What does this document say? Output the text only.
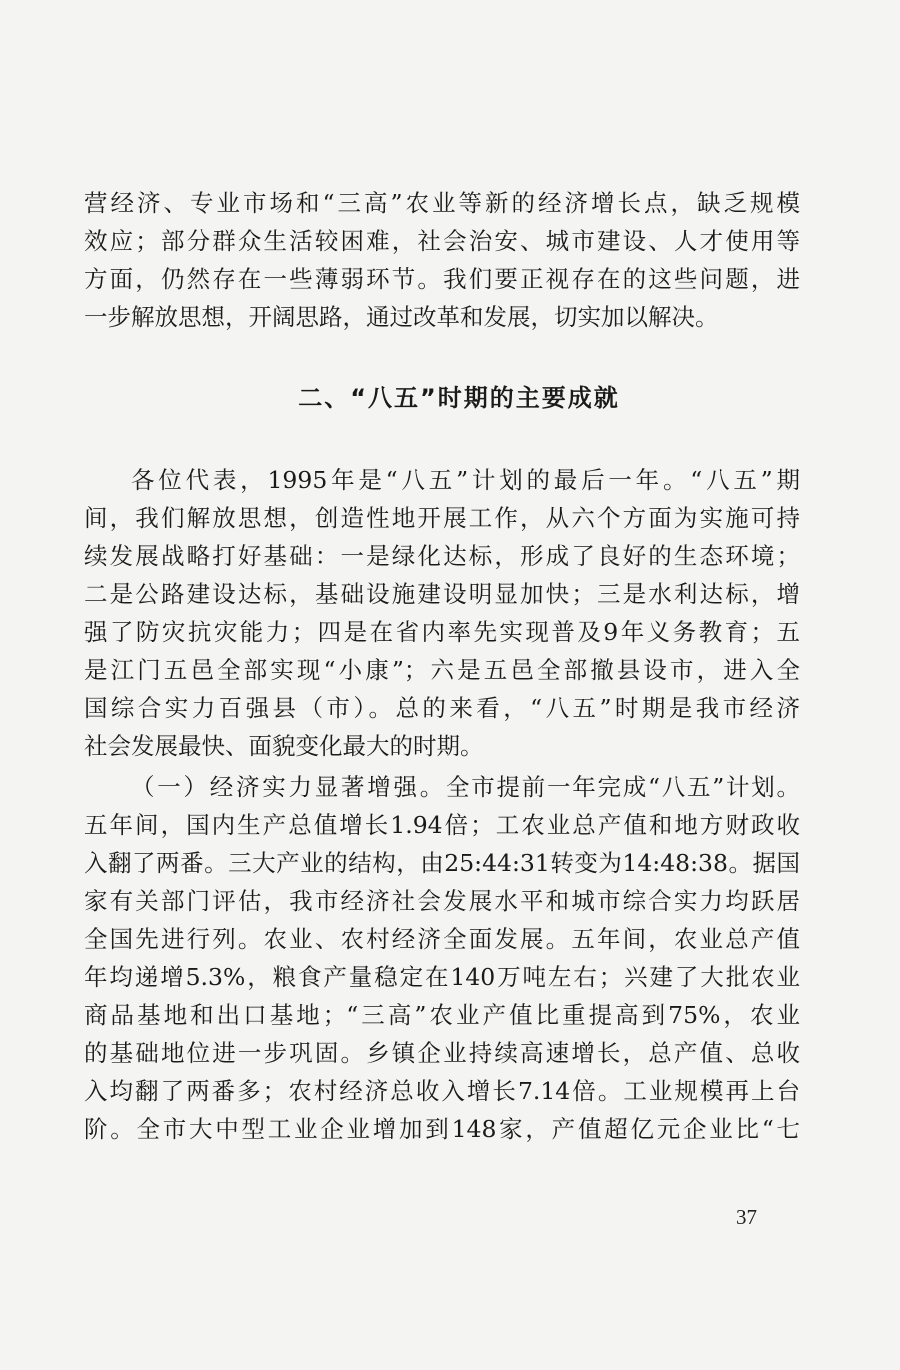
营经济、专业市场和“三高”农业等新的经济增长点，缺乏规模
效应；部分群众生活较困难，社会治安、城市建设、人才使用等
方面，仍然存在一些薄弱环节。我们要正视存在的这些问题，进
一步解放思想，开阔思路，通过改革和发展，切实加以解决。
二、“八五”时期的主要成就
各位代表，1995年是“八五”计划的最后一年。“八五”期
间，我们解放思想，创造性地开展工作，从六个方面为实施可持
续发展战略打好基础：一是绿化达标，形成了良好的生态环境；
二是公路建设达标，基础设施建设明显加快；三是水利达标，增
强了防灾抗灾能力；四是在省内率先实现普及9年义务教育；五
是江门五邑全部实现“小康”；六是五邑全部撤县设市，进入全
国综合实力百强县（市）。总的来看，“八五”时期是我市经济
社会发展最快、面貌变化最大的时期。
（一）经济实力显著增强。全市提前一年完成“八五”计划。
五年间，国内生产总值增长1.94倍；工农业总产值和地方财政收
入翻了两番。三大产业的结构，由25:44:31转变为14:48:38。据国
家有关部门评估，我市经济社会发展水平和城市综合实力均跃居
全国先进行列。农业、农村经济全面发展。五年间，农业总产值
年均递增5.3%，粮食产量稳定在140万吨左右；兴建了大批农业
商品基地和出口基地；“三高”农业产值比重提高到75%，农业
的基础地位进一步巩固。乡镇企业持续高速增长，总产值、总收
入均翻了两番多；农村经济总收入增长7.14倍。工业规模再上台
阶。全市大中型工业企业增加到148家，产值超亿元企业比“七
37
